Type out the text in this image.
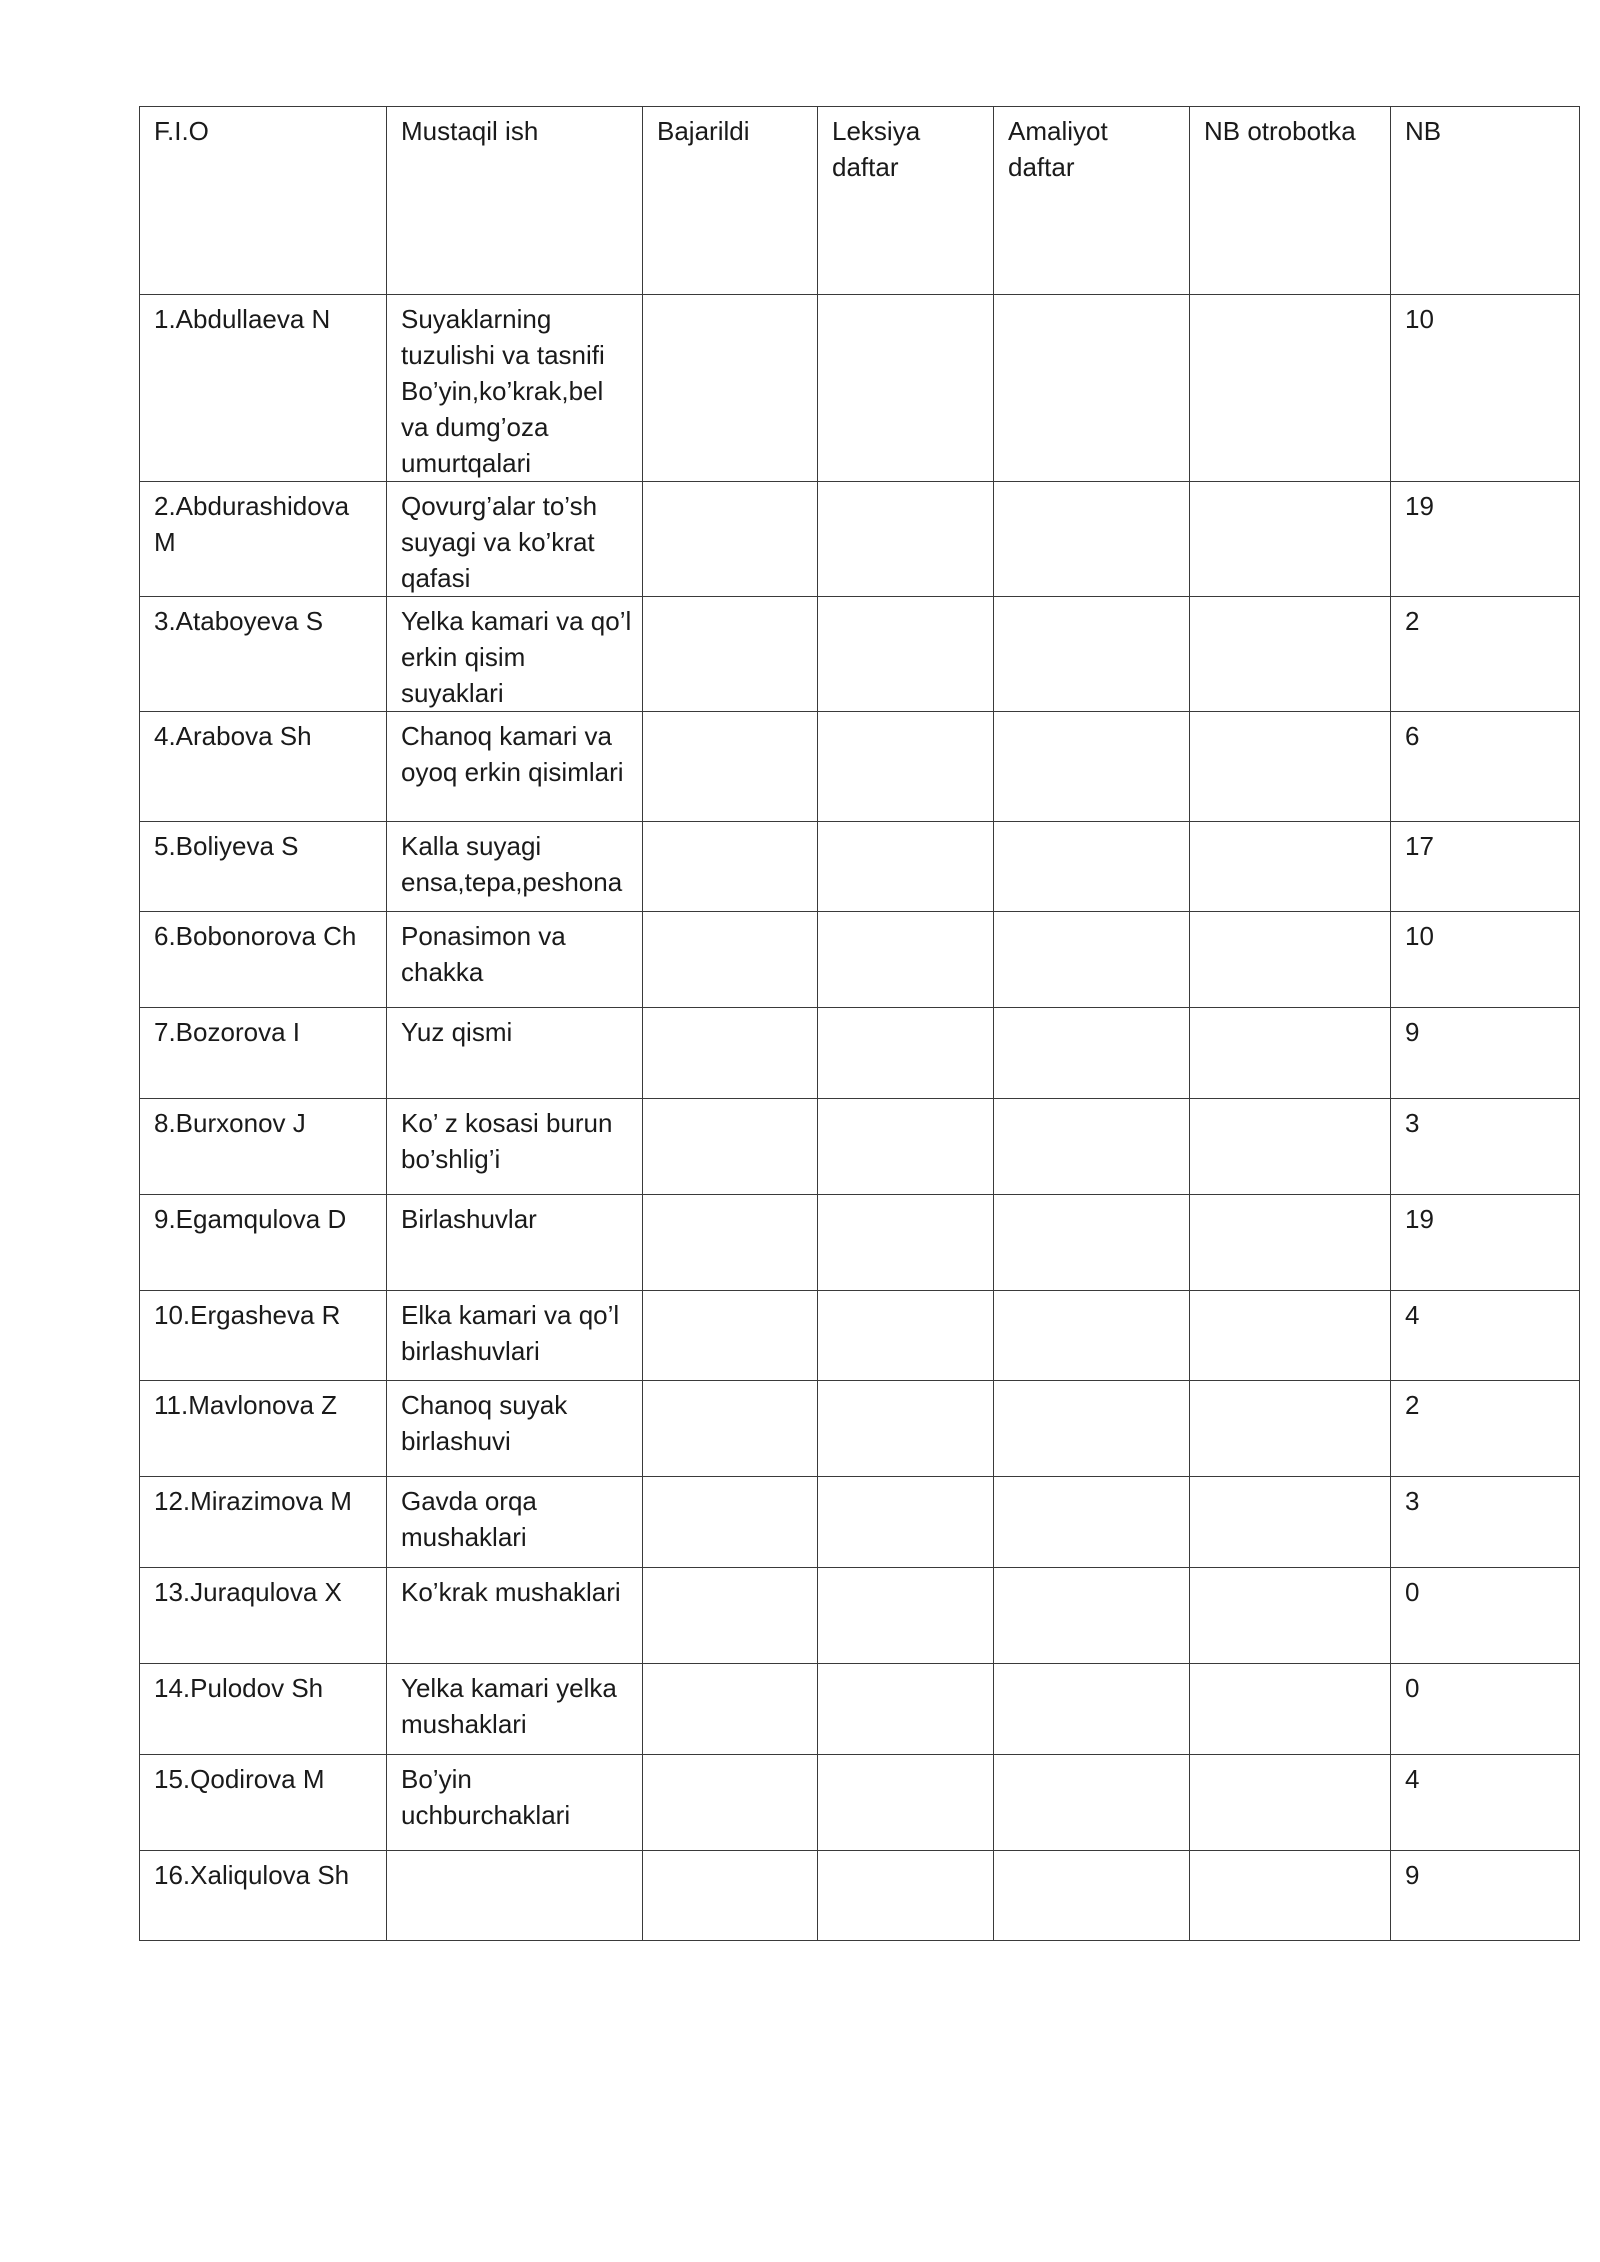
F.I.O	Mustaqil ish	Bajarildi	Leksiya daftar	Amaliyot daftar	NB otrobotka	NB
1.Abdullaeva N	Suyaklarning tuzulishi va tasnifi Bo’yin,ko’krak,bel va dumg’oza umurtqalari					10
2.Abdurashidova M	Qovurg’alar to’sh suyagi va ko’krat qafasi					19
3.Ataboyeva S	Yelka kamari va qo’l erkin qisim suyaklari					2
4.Arabova Sh	Chanoq kamari va oyoq erkin qisimlari					6
5.Boliyeva S	Kalla suyagi ensa,tepa,peshona					17
6.Bobonorova Ch	Ponasimon va chakka					10
7.Bozorova I	Yuz qismi					9
8.Burxonov J	Ko’ z kosasi burun bo’shlig’i					3
9.Egamqulova D	Birlashuvlar					19
10.Ergasheva R	Elka kamari va qo’l birlashuvlari					4
11.Mavlonova Z	Chanoq suyak birlashuvi					2
12.Mirazimova M	Gavda orqa mushaklari					3
13.Juraqulova X	Ko’krak mushaklari					0
14.Pulodov Sh	Yelka kamari yelka mushaklari					0
15.Qodirova M	Bo’yin uchburchaklari					4
16.Xaliqulova Sh						9
